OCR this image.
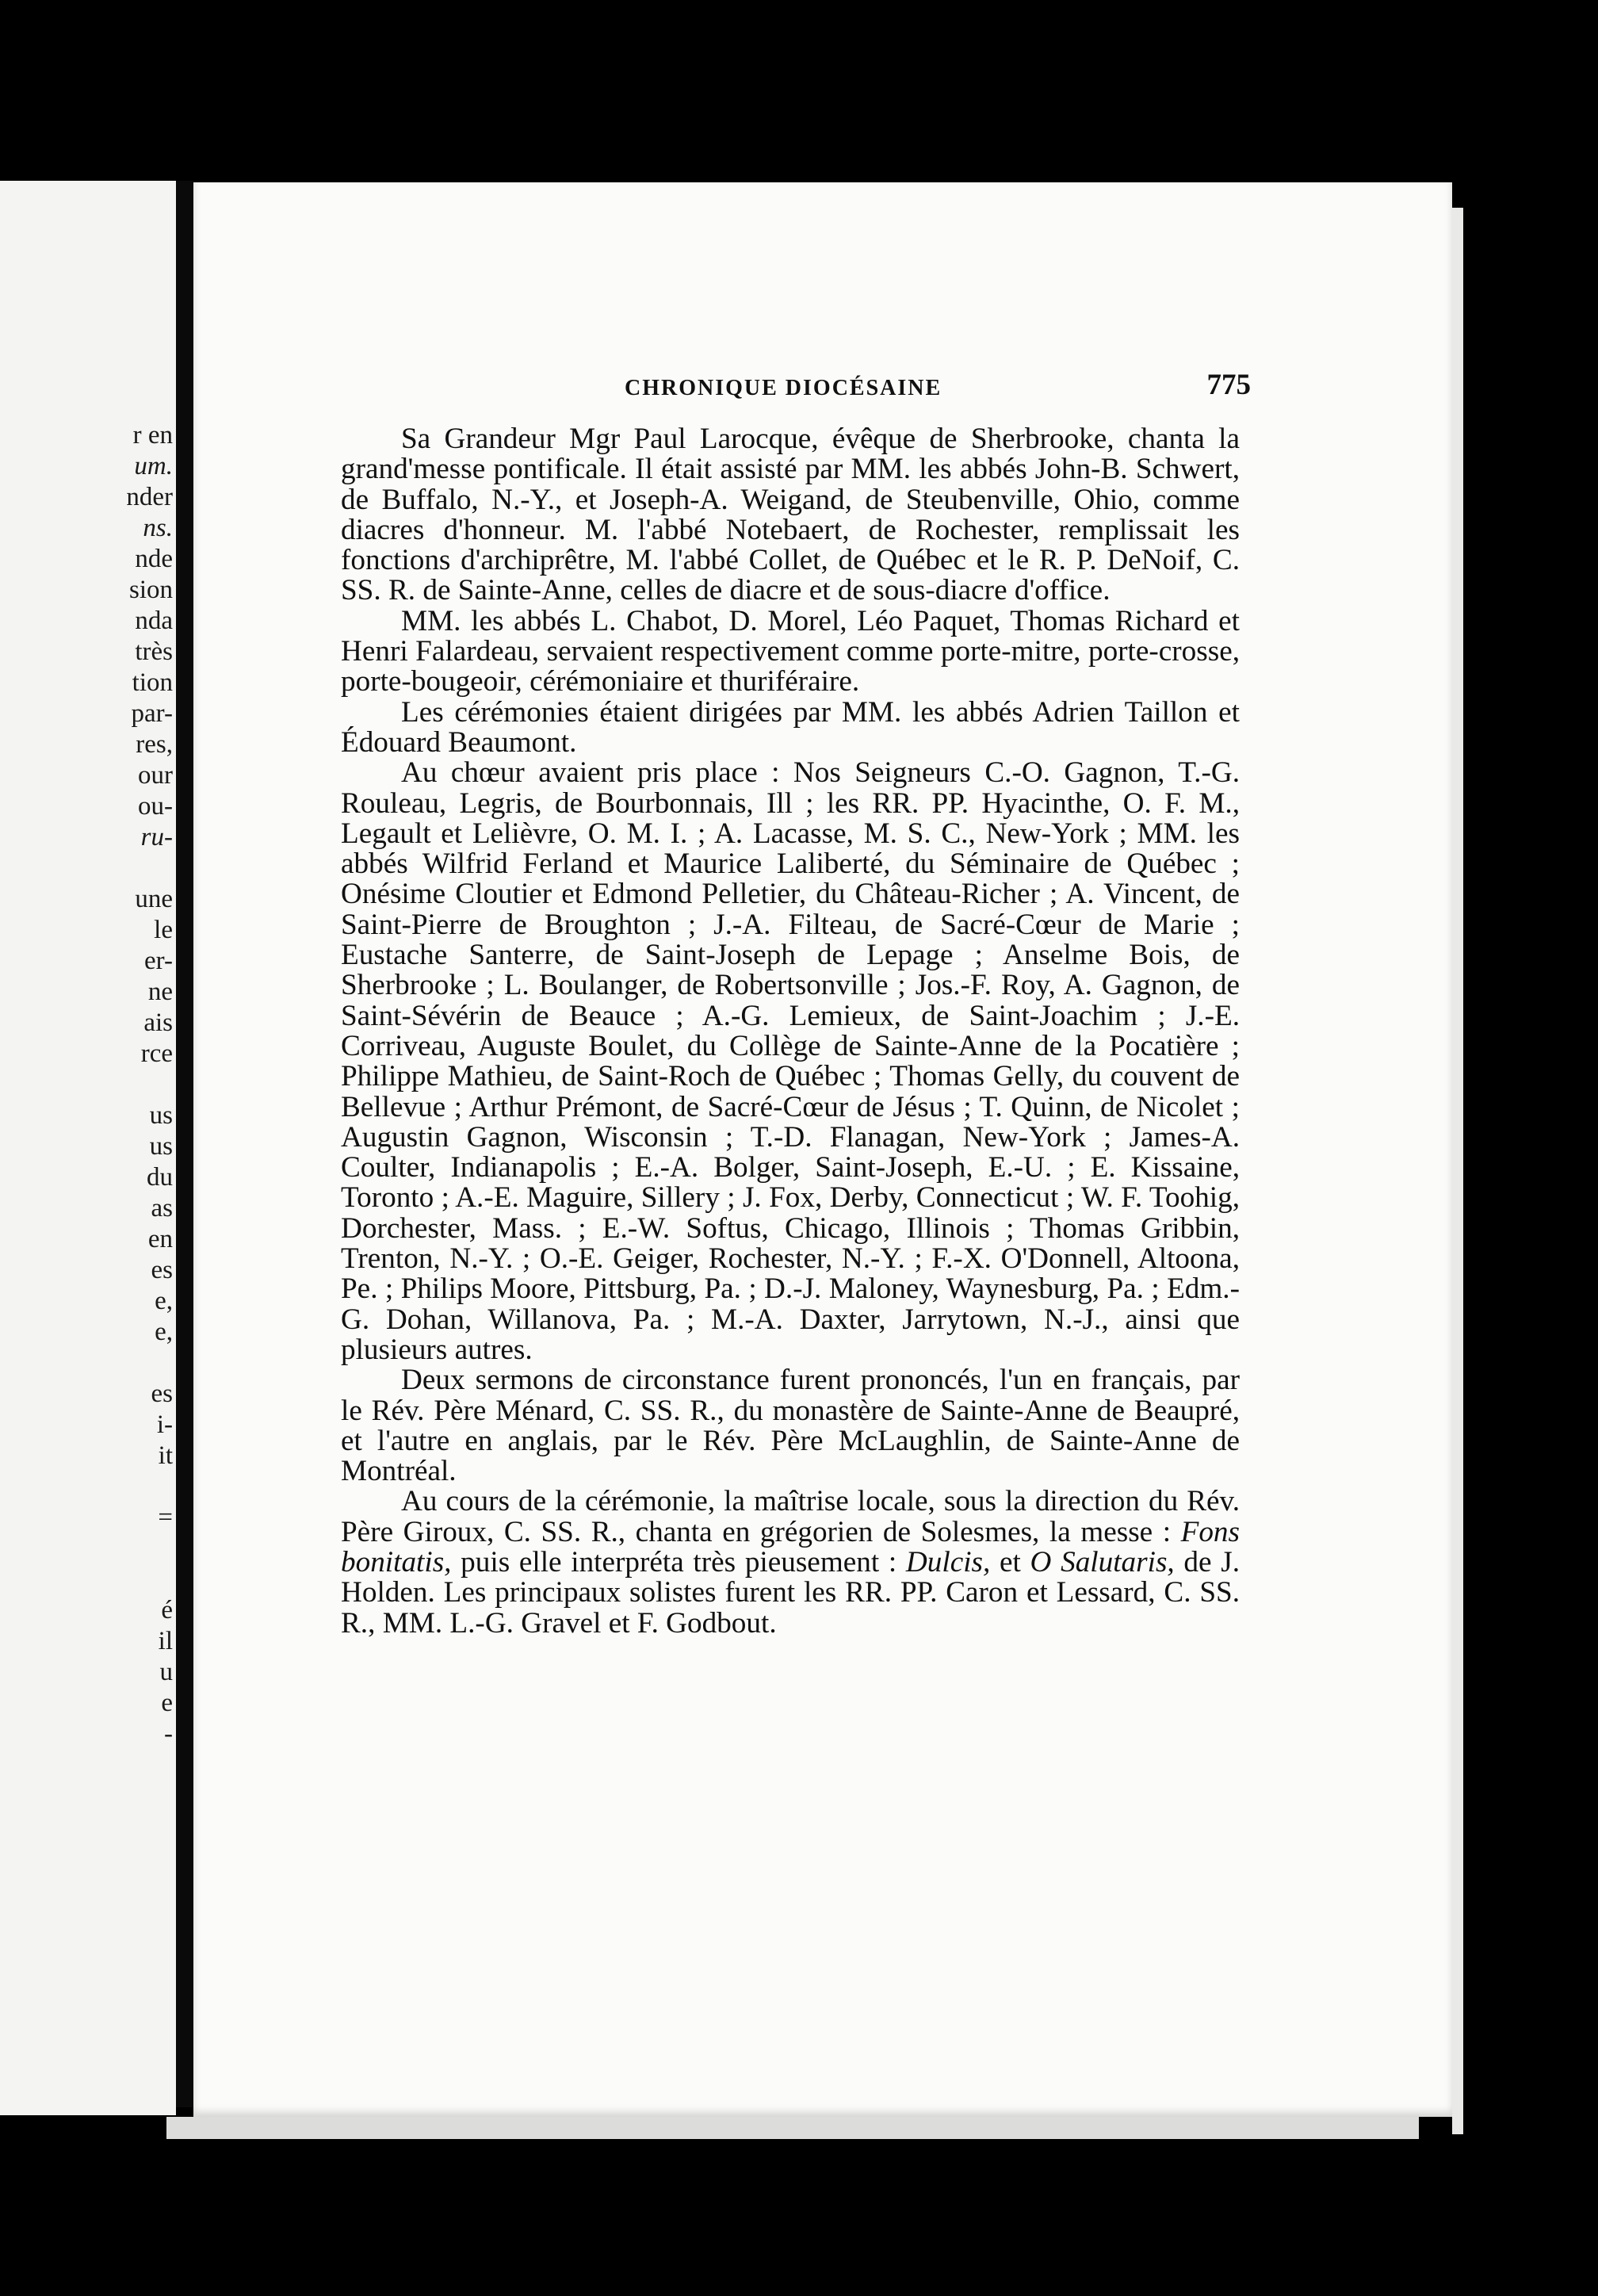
r en
um.
nder
ns.
nde
sion
nda
très
tion
par-
res,
our
ou-
ru-
une
le
er-
ne
ais
rce
us
us
du
as
en
es
e,
e,
es
i-
it
=
é
il
u
e
-
CHRONIQUE DIOCÉSAINE	775

Sa Grandeur Mgr Paul Larocque, évêque de Sherbrooke, chanta la grand'messe pontificale. Il était assisté par MM. les abbés John-B. Schwert, de Buffalo, N.-Y., et Joseph-A. Weigand, de Steubenville, Ohio, comme diacres d'honneur. M. l'abbé Notebaert, de Rochester, remplissait les fonctions d'archiprêtre, M. l'abbé Collet, de Québec et le R. P. DeNoif, C. SS. R. de Sainte-Anne, celles de diacre et de sous-diacre d'office.

MM. les abbés L. Chabot, D. Morel, Léo Paquet, Thomas Richard et Henri Falardeau, servaient respectivement comme porte-mitre, porte-crosse, porte-bougeoir, cérémoniaire et thuriféraire.

Les cérémonies étaient dirigées par MM. les abbés Adrien Taillon et Édouard Beaumont.

Au chœur avaient pris place : Nos Seigneurs C.-O. Gagnon, T.-G. Rouleau, Legris, de Bourbonnais, Ill ; les RR. PP. Hyacinthe, O. F. M., Legault et Lelièvre, O. M. I. ; A. Lacasse, M. S. C., New-York ; MM. les abbés Wilfrid Ferland et Maurice Laliberté, du Séminaire de Québec ; Onésime Cloutier et Edmond Pelletier, du Château-Richer ; A. Vincent, de Saint-Pierre de Broughton ; J.-A. Filteau, de Sacré-Cœur de Marie ; Eustache Santerre, de Saint-Joseph de Lepage ; Anselme Bois, de Sherbrooke ; L. Boulanger, de Robertsonville ; Jos.-F. Roy, A. Gagnon, de Saint-Sévérin de Beauce ; A.-G. Lemieux, de Saint-Joachim ; J.-E. Corriveau, Auguste Boulet, du Collège de Sainte-Anne de la Pocatière ; Philippe Mathieu, de Saint-Roch de Québec ; Thomas Gelly, du couvent de Bellevue ; Arthur Prémont, de Sacré-Cœur de Jésus ; T. Quinn, de Nicolet ; Augustin Gagnon, Wisconsin ; T.-D. Flanagan, New-York ; James-A. Coulter, Indianapolis ; E.-A. Bolger, Saint-Joseph, E.-U. ; E. Kissaine, Toronto ; A.-E. Maguire, Sillery ; J. Fox, Derby, Connecticut ; W. F. Toohig, Dorchester, Mass. ; E.-W. Softus, Chicago, Illinois ; Thomas Gribbin, Trenton, N.-Y. ; O.-E. Geiger, Rochester, N.-Y. ; F.-X. O'Donnell, Altoona, Pe. ; Philips Moore, Pittsburg, Pa. ; D.-J. Maloney, Waynesburg, Pa. ; Edm.-G. Dohan, Willanova, Pa. ; M.-A. Daxter, Jarrytown, N.-J., ainsi que plusieurs autres.

Deux sermons de circonstance furent prononcés, l'un en français, par le Rév. Père Ménard, C. SS. R., du monastère de Sainte-Anne de Beaupré, et l'autre en anglais, par le Rév. Père McLaughlin, de Sainte-Anne de Montréal.

Au cours de la cérémonie, la maîtrise locale, sous la direction du Rév. Père Giroux, C. SS. R., chanta en grégorien de Solesmes, la messe : Fons bonitatis, puis elle interpréta très pieusement : Dulcis, et O Salutaris, de J. Holden. Les principaux solistes furent les RR. PP. Caron et Lessard, C. SS. R., MM. L.-G. Gravel et F. Godbout.
